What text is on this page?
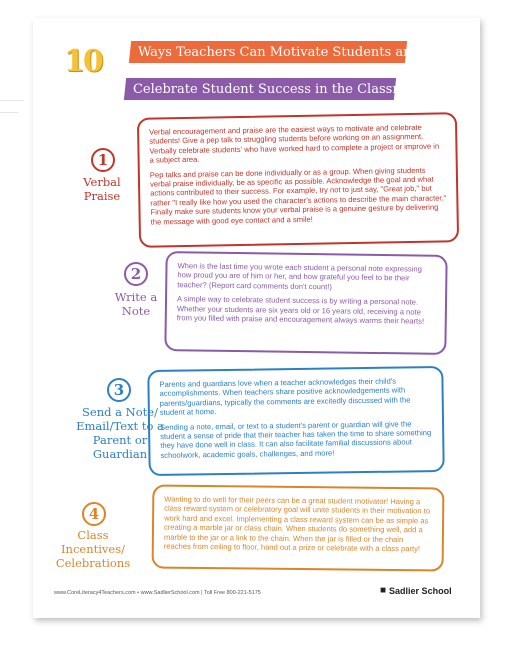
10	Ways Teachers Can Motivate Students and
Celebrate Student Success in the Classroom
1
Verbal Praise

Verbal encouragement and praise are the easiest ways to motivate and celebrate students! Give a pep talk to struggling students before working on an assignment. Verbally celebrate students' who have worked hard to complete a project or improve in a subject area.

Pep talks and praise can be done individually or as a group. When giving students verbal praise individually, be as specific as possible. Acknowledge the goal and what actions contributed to their success. For example, try not to just say, "Great job," but rather "I really like how you used the character's actions to describe the main character." Finally make sure students know your verbal praise is a genuine gesture by delivering the message with good eye contact and a smile!

2
Write a Note

When is the last time you wrote each student a personal note expressing how proud you are of him or her, and how grateful you feel to be their teacher? (Report card comments don't count!)

A simple way to celebrate student success is by writing a personal note. Whether your students are six years old or 16 years old, receiving a note from you filled with praise and encouragement always warms their hearts!

3
Send a Note/ Email/Text to a Parent or Guardian

Parents and guardians love when a teacher acknowledges their child's accomplishments. When teachers share positive acknowledgements with parents/guardians, typically the comments are excitedly discussed with the student at home.

Sending a note, email, or text to a student's parent or guardian will give the student a sense of pride that their teacher has taken the time to share something they have done well in class. It can also facilitate familial discussions about schoolwork, academic goals, challenges, and more!

4
Class Incentives/ Celebrations

Wanting to do well for their peers can be a great student motivator! Having a class reward system or celebratory goal will unite students in their motivation to work hard and excel. Implementing a class reward system can be as simple as creating a marble jar or class chain. When students do something well, add a marble to the jar or a link to the chain. When the jar is filled or the chain reaches from ceiling to floor, hand out a prize or celebrate with a class party!

www.CoreLiteracy4Teachers.com • www.SadlierSchool.com | Toll Free 800-221-5175	■ Sadlier School
